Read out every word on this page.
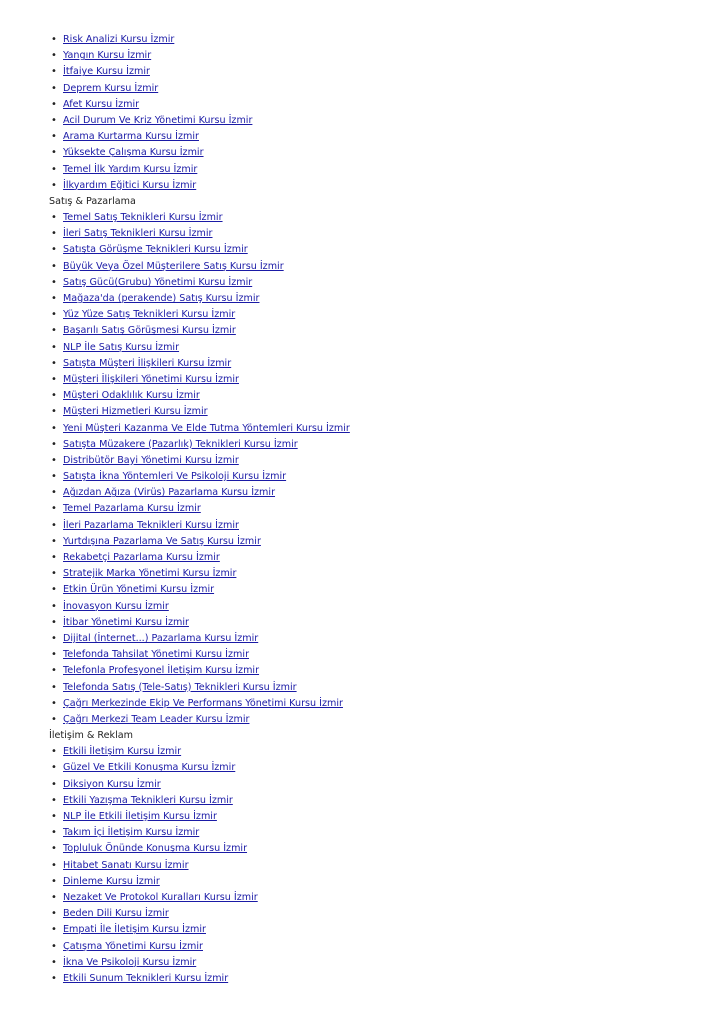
• Risk Analizi Kursu İzmir
• Yangın Kursu İzmir
• İtfaiye Kursu İzmir
• Deprem Kursu İzmir
• Afet Kursu İzmir
• Acil Durum Ve Kriz Yönetimi Kursu İzmir
• Arama Kurtarma Kursu İzmir
• Yüksekte Çalışma Kursu İzmir
• Temel İlk Yardım Kursu İzmir
• İlkyardım Eğitici Kursu İzmir
Satış & Pazarlama
• Temel Satış Teknikleri Kursu İzmir
• İleri Satış Teknikleri Kursu İzmir
• Satışta Görüşme Teknikleri Kursu İzmir
• Büyük Veya Özel Müşterilere Satış Kursu İzmir
• Satış Gücü(Grubu) Yönetimi Kursu İzmir
• Mağaza'da (perakende) Satış Kursu İzmir
• Yüz Yüze Satış Teknikleri Kursu İzmir
• Başarılı Satış Görüşmesi Kursu İzmir
• NLP İle Satış Kursu İzmir
• Satışta Müşteri İlişkileri Kursu İzmir
• Müşteri İlişkileri Yönetimi Kursu İzmir
• Müşteri Odaklılık Kursu İzmir
• Müşteri Hizmetleri Kursu İzmir
• Yeni Müşteri Kazanma Ve Elde Tutma Yöntemleri Kursu İzmir
• Satışta Müzakere (Pazarlık) Teknikleri Kursu İzmir
• Distribütör Bayi Yönetimi Kursu İzmir
• Satışta İkna Yöntemleri Ve Psikoloji Kursu İzmir
• Ağızdan Ağıza (Virüs) Pazarlama Kursu İzmir
• Temel Pazarlama Kursu İzmir
• İleri Pazarlama Teknikleri Kursu İzmir
• Yurtdışına Pazarlama Ve Satış Kursu İzmir
• Rekabetçi Pazarlama Kursu İzmir
• Stratejik Marka Yönetimi Kursu İzmir
• Etkin Ürün Yönetimi Kursu İzmir
• İnovasyon Kursu İzmir
• İtibar Yönetimi Kursu İzmir
• Dijital (İnternet...) Pazarlama Kursu İzmir
• Telefonda Tahsilat Yönetimi Kursu İzmir
• Telefonla Profesyonel İletişim Kursu İzmir
• Telefonda Satış (Tele-Satış) Teknikleri Kursu İzmir
• Çağrı Merkezinde Ekip Ve Performans Yönetimi Kursu İzmir
• Çağrı Merkezi Team Leader Kursu İzmir
İletişim & Reklam
• Etkili İletişim Kursu İzmir
• Güzel Ve Etkili Konuşma Kursu İzmir
• Diksiyon Kursu İzmir
• Etkili Yazışma Teknikleri Kursu İzmir
• NLP İle Etkili İletişim Kursu İzmir
• Takım İçi İletişim Kursu İzmir
• Topluluk Önünde Konuşma Kursu İzmir
• Hitabet Sanatı Kursu İzmir
• Dinleme Kursu İzmir
• Nezaket Ve Protokol Kuralları Kursu İzmir
• Beden Dili Kursu İzmir
• Empati İle İletişim Kursu İzmir
• Çatışma Yönetimi Kursu İzmir
• İkna Ve Psikoloji Kursu İzmir
• Etkili Sunum Teknikleri Kursu İzmir
